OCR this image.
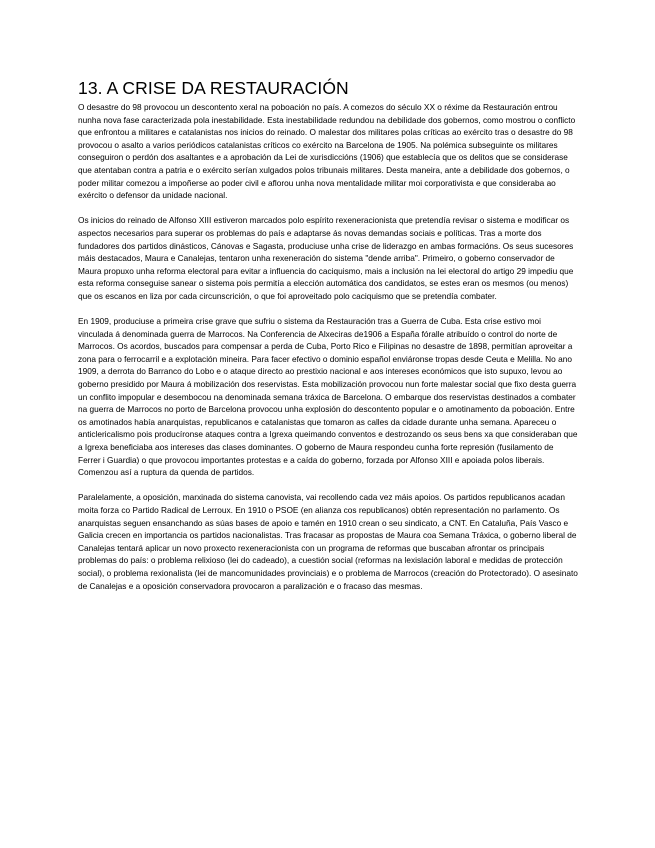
13. A CRISE DA RESTAURACIÓN

O desastre do 98 provocou un descontento xeral na poboación no país. A comezos do século XX o réxime da Restauración entrou nunha nova fase caracterizada pola inestabilidade. Esta inestabilidade redundou na debilidade dos gobernos, como mostrou o conflicto que enfrontou a militares e catalanistas nos inicios do reinado. O malestar dos militares polas críticas ao exército tras o desastre do 98 provocou o asalto a varios periódicos catalanistas críticos co exército na Barcelona de 1905. Na polémica subseguinte os militares conseguiron o perdón dos asaltantes e a aprobación da Lei de xurisdiccións (1906) que establecía que os delitos que se considerase que atentaban contra a patria e o exército serían xulgados polos tribunais militares. Desta maneira, ante a debilidade dos gobernos, o poder militar comezou a impoñerse ao poder civil e aflorou unha nova mentalidade militar moi corporativista e que consideraba ao exército o defensor da unidade nacional.

Os inicios do reinado de Alfonso XIII estiveron marcados polo espírito rexeneracionista que pretendía revisar o sistema e modificar os aspectos necesarios para superar os problemas do país e adaptarse ás novas demandas sociais e políticas. Tras a morte dos fundadores dos partidos dinásticos, Cánovas e Sagasta, produciuse unha crise de liderazgo en ambas formacións. Os seus sucesores máis destacados, Maura e Canalejas, tentaron unha rexeneración do sistema "dende arriba". Primeiro, o goberno conservador de Maura propuxo unha reforma electoral para evitar a influencia do caciquismo, mais a inclusión na lei electoral do artigo 29 impediu que esta reforma conseguise sanear o sistema pois permitía a elección automática dos candidatos, se estes eran os mesmos (ou menos) que os escanos en liza por cada circunscrición, o que foi aproveitado polo caciquismo que se pretendía combater.

En 1909, produciuse a primeira crise grave que sufriu o sistema da Restauración tras a Guerra de Cuba. Esta crise estivo moi vinculada á denominada guerra de Marrocos. Na Conferencia de Alxeciras de1906 a España fóralle atribuído o control do norte de Marrocos. Os acordos, buscados para compensar a perda de Cuba, Porto Rico e Filipinas no desastre de 1898, permitían aproveitar a zona para o ferrocarril e a explotación mineira. Para facer efectivo o dominio español enviáronse tropas desde Ceuta e Melilla. No ano 1909, a derrota do Barranco do Lobo e o ataque directo ao prestixio nacional e aos intereses económicos que isto supuxo, levou ao goberno presidido por Maura á mobilización dos reservistas. Esta mobilización provocou nun forte malestar social que fixo desta guerra un conflito impopular e desembocou na denominada semana tráxica de Barcelona. O embarque dos reservistas destinados a combater na guerra de Marrocos no porto de Barcelona provocou unha explosión do descontento popular e o amotinamento da poboación. Entre os amotinados había anarquistas, republicanos e catalanistas que tomaron as calles da cidade durante unha semana. Apareceu o anticlericalismo pois producíronse ataques contra a Igrexa queimando conventos e destrozando os seus bens xa que consideraban que a Igrexa beneficiaba aos intereses das clases dominantes. O goberno de Maura respondeu cunha forte represión (fusilamento de Ferrer i Guardia) o que provocou importantes protestas e a caída do goberno, forzada por Alfonso XIII e apoiada polos liberais. Comenzou así a ruptura da quenda de partidos.

Paralelamente, a oposición, marxinada do sistema canovista, vai recollendo cada vez máis apoios. Os partidos republicanos acadan moita forza co Partido Radical de Lerroux. En 1910 o PSOE (en alianza cos republicanos) obtén representación no parlamento. Os anarquistas seguen ensanchando as súas bases de apoio e tamén en 1910 crean o seu sindicato, a CNT. En Cataluña, País Vasco e Galicia crecen en importancia os partidos nacionalistas. Tras fracasar as propostas de Maura coa Semana Tráxica, o goberno liberal de Canalejas tentará aplicar un novo proxecto rexeneracionista con un programa de reformas que buscaban afrontar os principais problemas do país: o problema relixioso (lei do cadeado), a cuestión social (reformas na lexislación laboral e medidas de protección social), o problema rexionalista (lei de mancomunidades provinciais) e o problema de Marrocos (creación do Protectorado). O asesinato de Canalejas e a oposición conservadora provocaron a paralización e o fracaso das mesmas.
